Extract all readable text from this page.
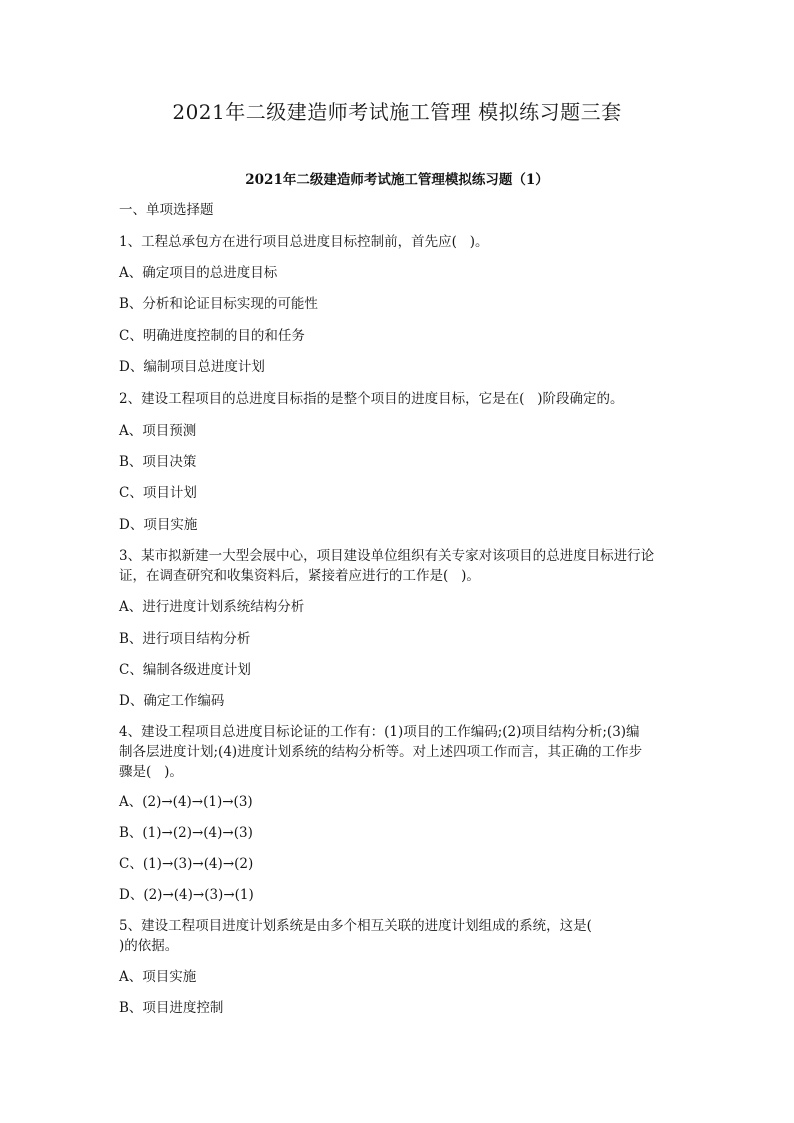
2021年二级建造师考试施工管理 模拟练习题三套
2021年二级建造师考试施工管理模拟练习题（1）
一、单项选择题
1、工程总承包方在进行项目总进度目标控制前，首先应(   )。
A、确定项目的总进度目标
B、分析和论证目标实现的可能性
C、明确进度控制的目的和任务
D、编制项目总进度计划
2、建设工程项目的总进度目标指的是整个项目的进度目标，它是在(   )阶段确定的。
A、项目预测
B、项目决策
C、项目计划
D、项目实施
3、某市拟新建一大型会展中心，项目建设单位组织有关专家对该项目的总进度目标进行论
证，在调查研究和收集资料后，紧接着应进行的工作是(   )。
A、进行进度计划系统结构分析
B、进行项目结构分析
C、编制各级进度计划
D、确定工作编码
4、建设工程项目总进度目标论证的工作有：(1)项目的工作编码;(2)项目结构分析;(3)编
制各层进度计划;(4)进度计划系统的结构分析等。对上述四项工作而言，其正确的工作步
骤是(   )。
A、(2)→(4)→(1)→(3)
B、(1)→(2)→(4)→(3)
C、(1)→(3)→(4)→(2)
D、(2)→(4)→(3)→(1)
5、建设工程项目进度计划系统是由多个相互关联的进度计划组成的系统，这是(
)的依据。
A、项目实施
B、项目进度控制
